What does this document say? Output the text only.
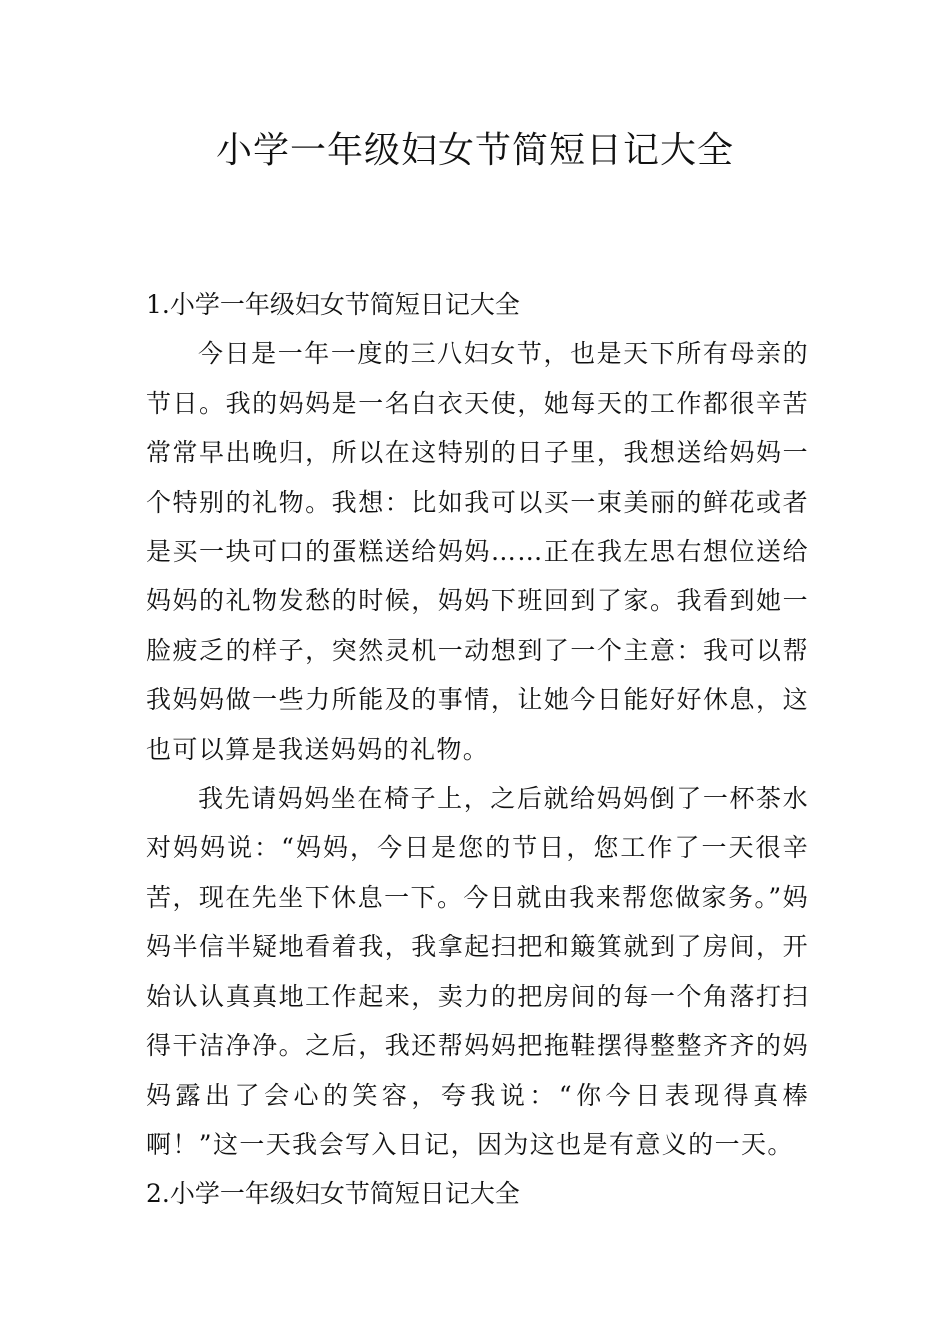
小学一年级妇女节简短日记大全
1.小学一年级妇女节简短日记大全

今日是一年一度的三八妇女节，也是天下所有母亲的节日。我的妈妈是一名白衣天使，她每天的工作都很辛苦常常早出晚归，所以在这特别的日子里，我想送给妈妈一个特别的礼物。我想：比如我可以买一束美丽的鲜花或者是买一块可口的蛋糕送给妈妈……正在我左思右想位送给妈妈的礼物发愁的时候，妈妈下班回到了家。我看到她一脸疲乏的样子，突然灵机一动想到了一个主意：我可以帮我妈妈做一些力所能及的事情，让她今日能好好休息，这也可以算是我送妈妈的礼物。

我先请妈妈坐在椅子上，之后就给妈妈倒了一杯茶水对妈妈说：“妈妈，今日是您的节日，您工作了一天很辛苦，现在先坐下休息一下。今日就由我来帮您做家务。”妈妈半信半疑地看着我，我拿起扫把和簸箕就到了房间，开始认认真真地工作起来，卖力的把房间的每一个角落打扫得干洁净净。之后，我还帮妈妈把拖鞋摆得整整齐齐的妈妈露出了会心的笑容，夸我说：“你今日表现得真棒啊！”这一天我会写入日记，因为这也是有意义的一天。

2.小学一年级妇女节简短日记大全
